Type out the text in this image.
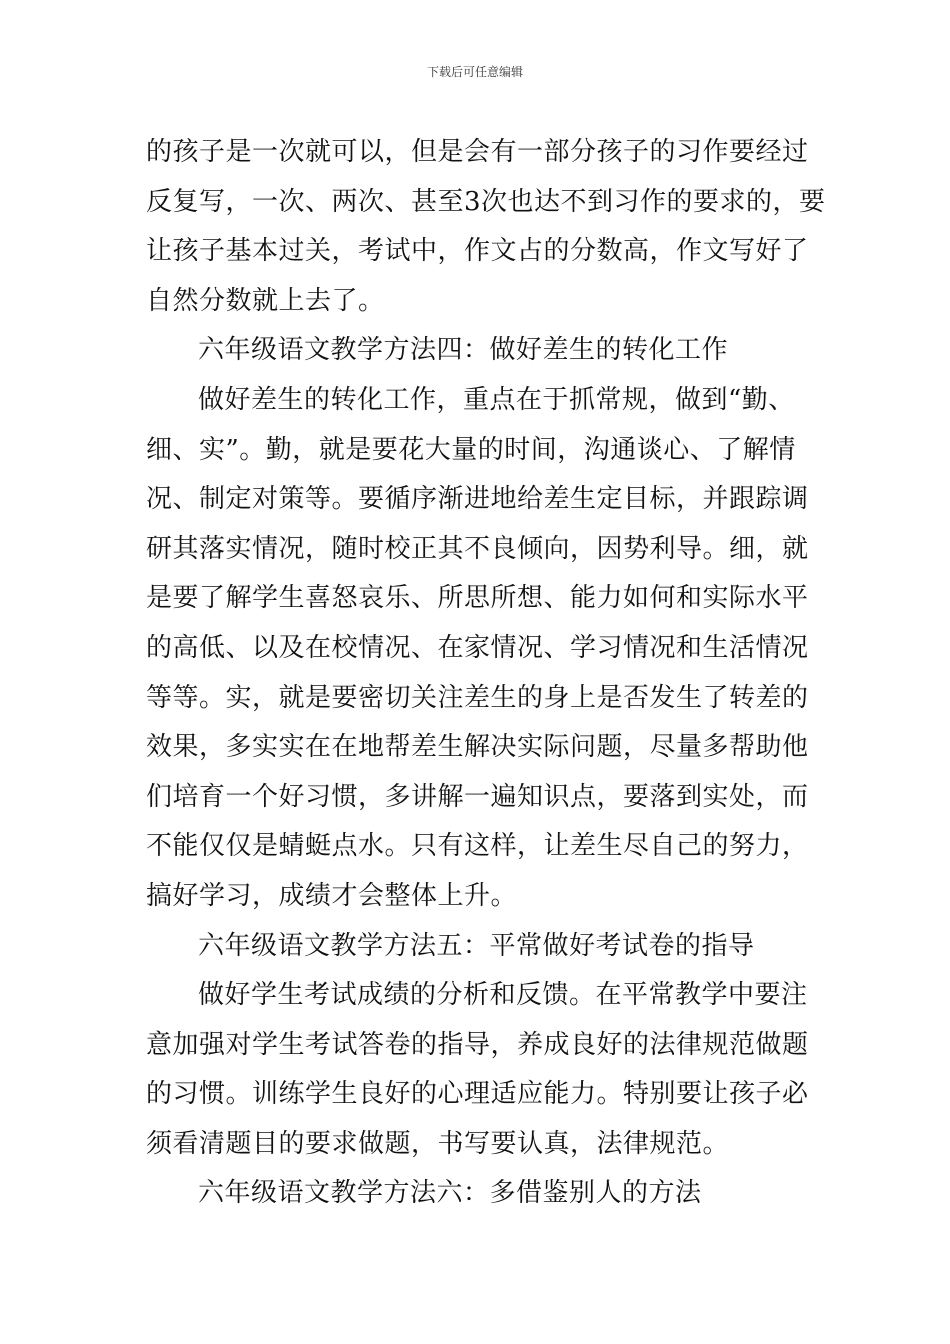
下载后可任意编辑
的孩子是一次就可以，但是会有一部分孩子的习作要经过
反复写，一次、两次、甚至3次也达不到习作的要求的，要
让孩子基本过关，考试中，作文占的分数高，作文写好了
自然分数就上去了。
六年级语文教学方法四：做好差生的转化工作
做好差生的转化工作，重点在于抓常规，做到“勤、
细、实”。勤，就是要花大量的时间，沟通谈心、了解情
况、制定对策等。要循序渐进地给差生定目标，并跟踪调
研其落实情况，随时校正其不良倾向，因势利导。细，就
是要了解学生喜怒哀乐、所思所想、能力如何和实际水平
的高低、以及在校情况、在家情况、学习情况和生活情况
等等。实，就是要密切关注差生的身上是否发生了转差的
效果，多实实在在地帮差生解决实际问题，尽量多帮助他
们培育一个好习惯，多讲解一遍知识点，要落到实处，而
不能仅仅是蜻蜓点水。只有这样，让差生尽自己的努力，
搞好学习，成绩才会整体上升。
六年级语文教学方法五：平常做好考试卷的指导
做好学生考试成绩的分析和反馈。在平常教学中要注
意加强对学生考试答卷的指导，养成良好的法律规范做题
的习惯。训练学生良好的心理适应能力。特别要让孩子必
须看清题目的要求做题，书写要认真，法律规范。
六年级语文教学方法六：多借鉴别人的方法
